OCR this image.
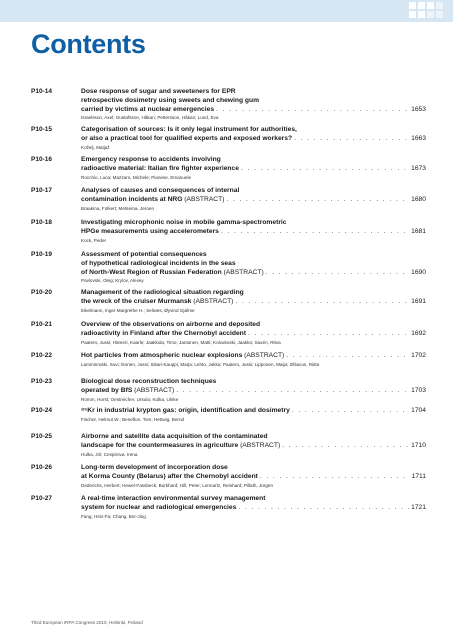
Contents
P10-14	Dose response of sugar and sweeteners for EPR
retrospective dosimetry using sweets and chewing gum
carried by victims at nuclear emergencies . . .	1653
Israelsson, Axel; Gustafsson, Håkan; Pettersson, Håkan; Lund, Eva
P10-15	Categorisation of sources: Is it only legal instrument for authorities,
or also a practical tool for qualified experts and exposed workers? . . .	1663
Koželj, Matjaž
P10-16	Emergency response to accidents involving
radioactive material: Italian fire fighter experience . . .	1673
Rocchio, Luca; Mazzaro, Michele; Pianese, Emanuele
P10-17	Analyses of causes and consequences of internal
contamination incidents at NRG (ABSTRACT) . . .	1680
Braakma, Folkert; Metsema, Jeroen
P10-18	Investigating microphonic noise in mobile gamma-spectrometric
HPGe measurements using accelerometers . . .	1681
Kock, Peder
P10-19	Assessment of potential consequences
of hypothetical radiological incidents in the seas
of North-West Region of Russian Federation (ABSTRACT) . . .	1690
Pavlovski, Oleg; Krylov, Alexey
P10-20	Management of the radiological situation regarding
the wreck of the cruiser Murmansk (ABSTRACT) . . .	1691
Eikelmann, Inger Margrethe H.; Selnæs, Øyvind Gjølme
P10-21	Overview of the observations on airborne and deposited
radioactivity in Finland after the Chernobyl accident . . .	1692
Paatero, Jussi; Hämeri, Kaarle; Jaakkola, Timo; Jantunen, Matti; Koivukoski, Jaakko; Saxén, Ritva
P10-22	Hot particles from atmospheric nuclear explosions (ABSTRACT) . . .	1702
Lamminmäki, Suvi; Ikonen, Jussi; Siitari-Kauppi, Marja; Lehto, Jukka; Paatero, Jussi; Lipponen, Maija; Zilliacus, Riitta
P10-23	Biological dose reconstruction techniques
operated by BfS (ABSTRACT) . . .	1703
Romm, Horst; Oestreicher, Ursula; Kulka, Ulrike
P10-24	⁸⁵Kr in industrial krypton gas: origin, identification and dosimetry . . .	1704
Fischer, Helmut W.; Beneflon, Tom; Hettwig, Bernd
P10-25	Airborne and satellite data acquisition of the contaminated
landscape for the countermeasures in agriculture (ABSTRACT) . . .	1710
Hulka, Jiri; Cespirova, Irena
P10-26	Long-term development of incorporation dose
at Korma County (Belarus) after the Chernobyl accident . . .	1711
Dederichs, Herbert; Hewel-Fassbeck, Burkhard; Hill, Peter; Lennartz, Reinhard; Pillath, Jürgen
P10-27	A real-time interaction environmental survey management
system for nuclear and radiological emergencies . . .	1721
Fang, Hsin-Fa; Chang, Bor-Jing
Third European IRPA Congress 2010, Helsinki, Finland
